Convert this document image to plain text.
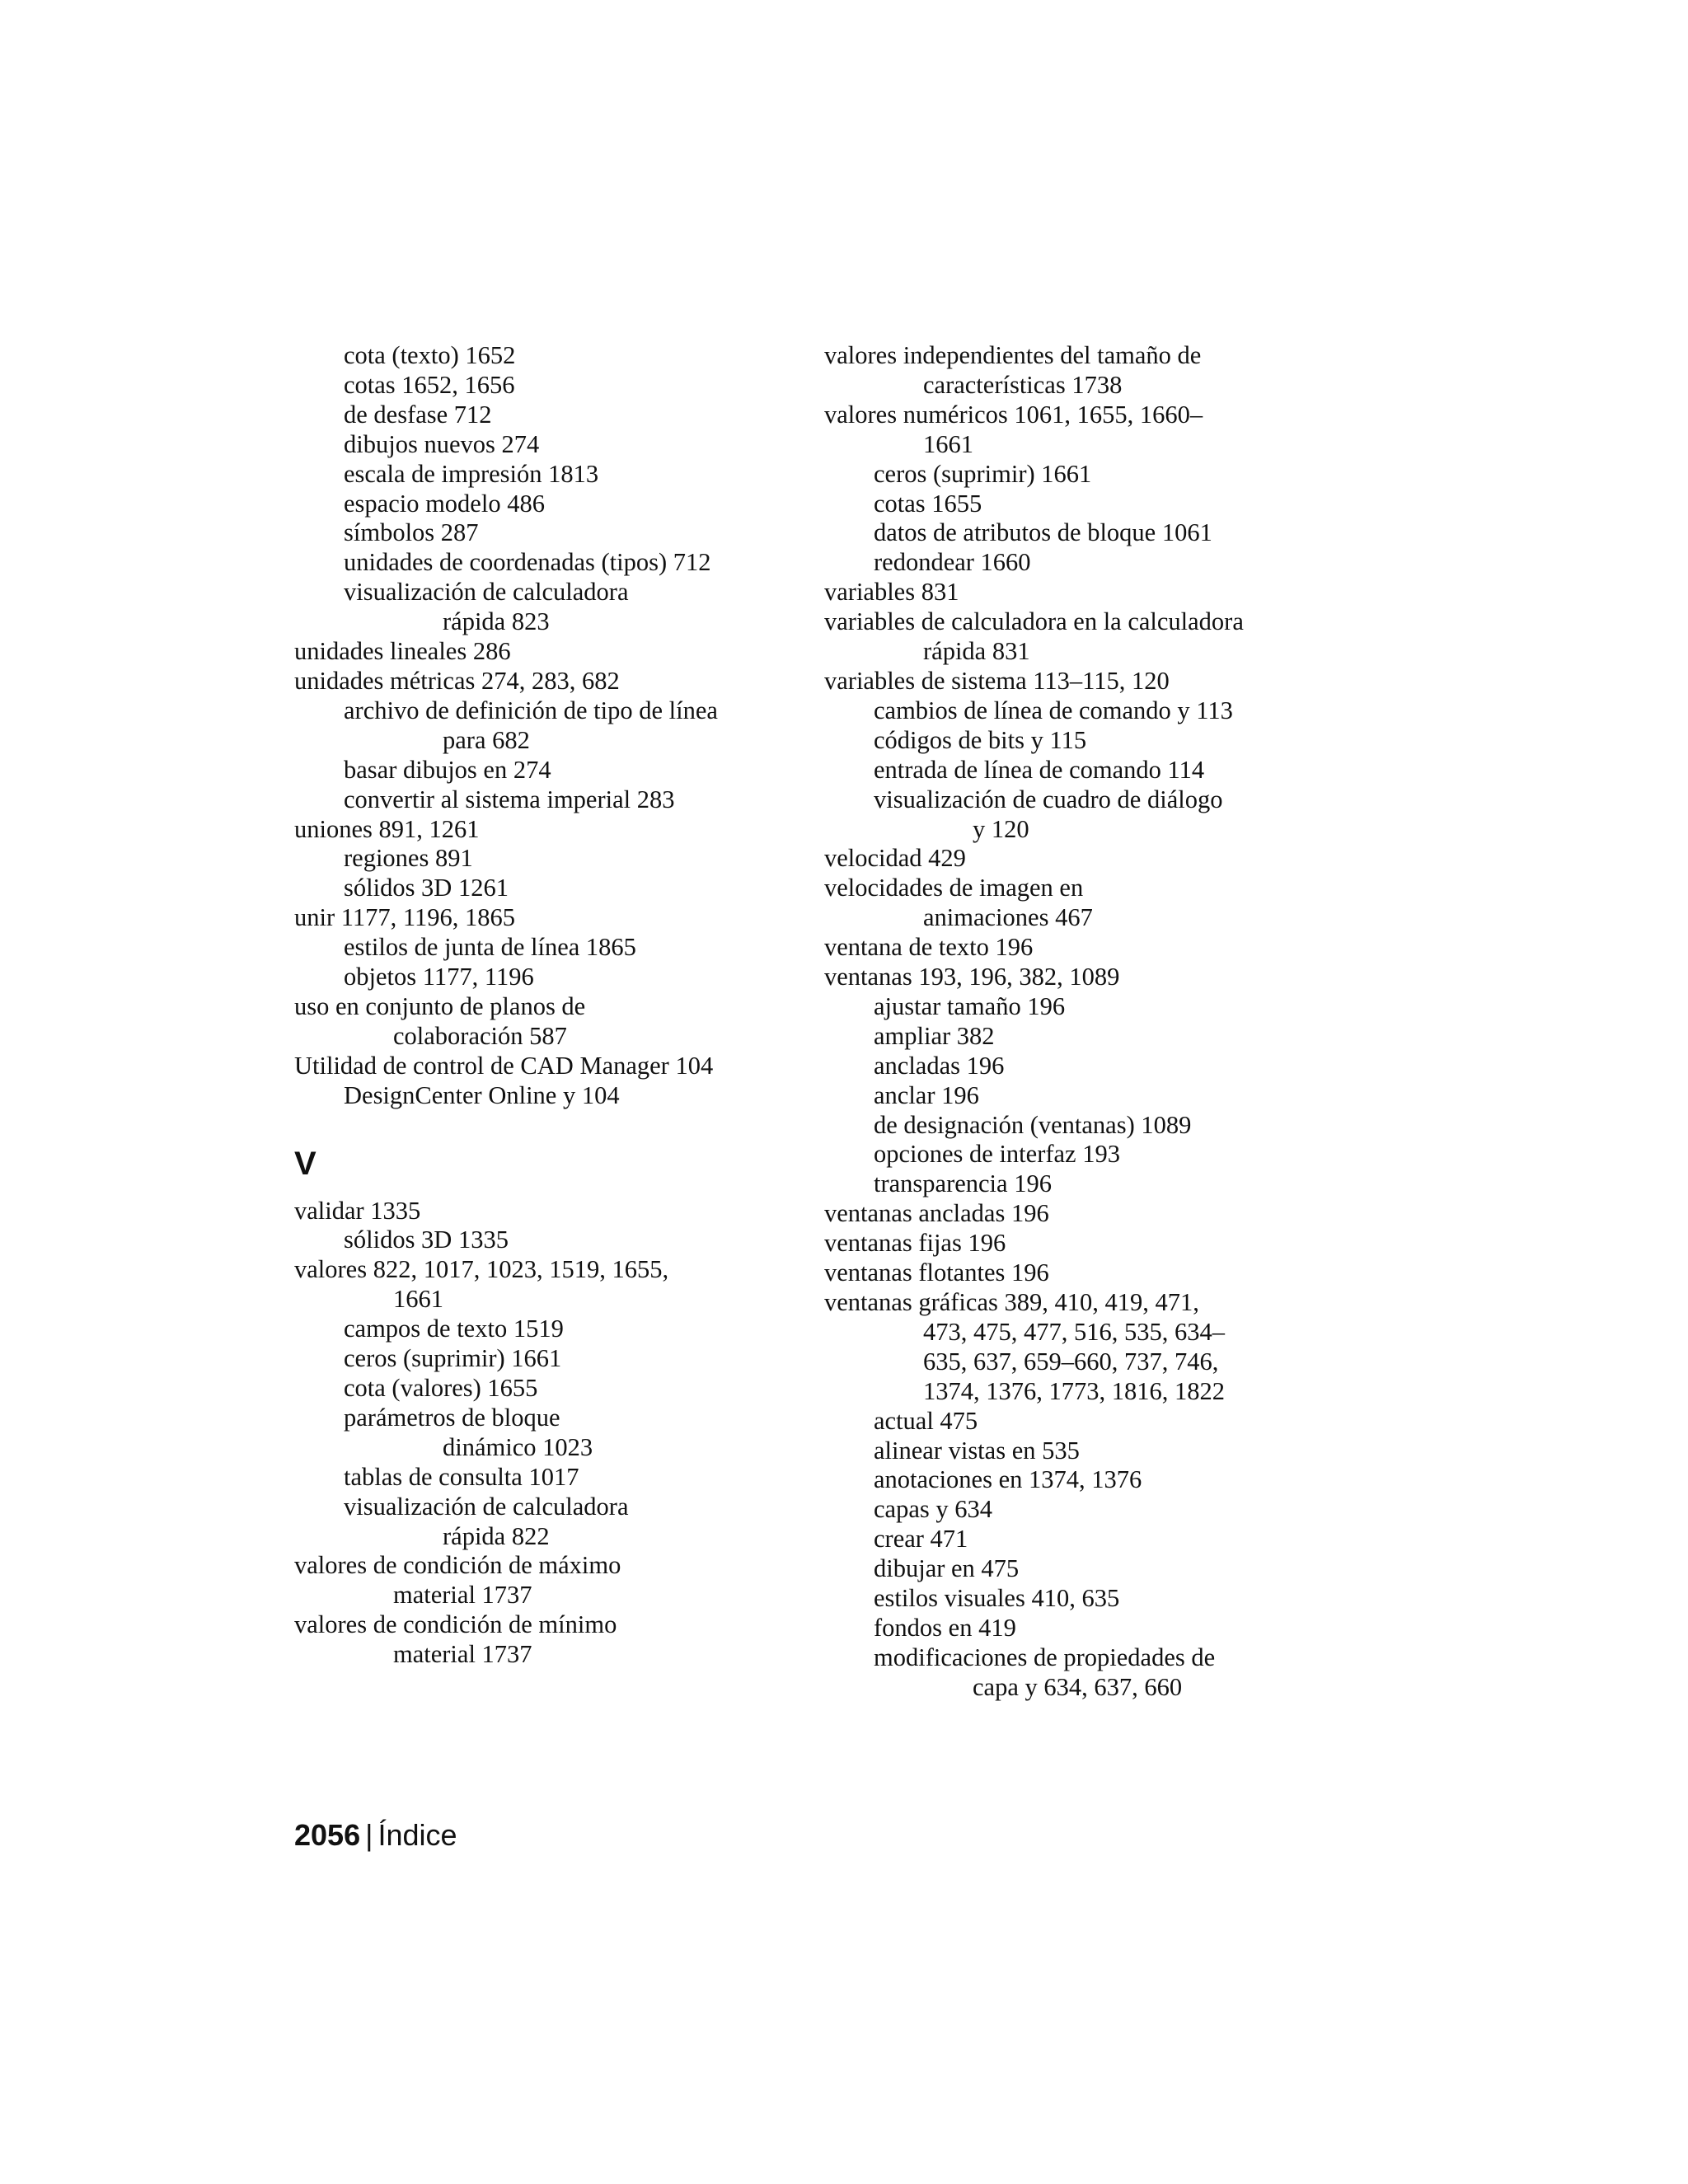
cota (texto) 1652
cotas 1652, 1656
de desfase 712
dibujos nuevos 274
escala de impresión 1813
espacio modelo 486
símbolos 287
unidades de coordenadas (tipos) 712
visualización de calculadora
rápida 823
unidades lineales 286
unidades métricas 274, 283, 682
archivo de definición de tipo de línea
para 682
basar dibujos en 274
convertir al sistema imperial 283
uniones 891, 1261
regiones 891
sólidos 3D 1261
unir 1177, 1196, 1865
estilos de junta de línea 1865
objetos 1177, 1196
uso en conjunto de planos de
colaboración 587
Utilidad de control de CAD Manager 104
DesignCenter Online y 104
V
validar 1335
sólidos 3D 1335
valores 822, 1017, 1023, 1519, 1655,
1661
campos de texto 1519
ceros (suprimir) 1661
cota (valores) 1655
parámetros de bloque
dinámico 1023
tablas de consulta 1017
visualización de calculadora
rápida 822
valores de condición de máximo
material 1737
valores de condición de mínimo
material 1737
valores independientes del tamaño de
características 1738
valores numéricos 1061, 1655, 1660–
1661
ceros (suprimir) 1661
cotas 1655
datos de atributos de bloque 1061
redondear 1660
variables 831
variables de calculadora en la calculadora
rápida 831
variables de sistema 113–115, 120
cambios de línea de comando y 113
códigos de bits y 115
entrada de línea de comando 114
visualización de cuadro de diálogo
y 120
velocidad 429
velocidades de imagen en
animaciones 467
ventana de texto 196
ventanas 193, 196, 382, 1089
ajustar tamaño 196
ampliar 382
ancladas 196
anclar 196
de designación (ventanas) 1089
opciones de interfaz 193
transparencia 196
ventanas ancladas 196
ventanas fijas 196
ventanas flotantes 196
ventanas gráficas 389, 410, 419, 471,
473, 475, 477, 516, 535, 634–
635, 637, 659–660, 737, 746,
1374, 1376, 1773, 1816, 1822
actual 475
alinear vistas en 535
anotaciones en 1374, 1376
capas y 634
crear 471
dibujar en 475
estilos visuales 410, 635
fondos en 419
modificaciones de propiedades de
capa y 634, 637, 660
2056 | Índice
